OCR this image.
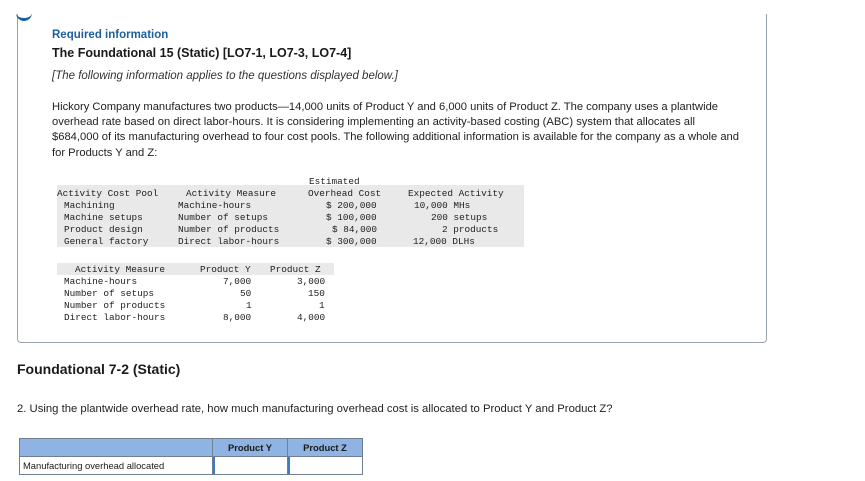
Required information

The Foundational 15 (Static) [LO7-1, LO7-3, LO7-4]

[The following information applies to the questions displayed below.]

Hickory Company manufactures two products—14,000 units of Product Y and 6,000 units of Product Z. The company uses a plantwide overhead rate based on direct labor-hours. It is considering implementing an activity-based costing (ABC) system that allocates all $684,000 of its manufacturing overhead to four cost pools. The following additional information is available for the company as a whole and for Products Y and Z:

Estimated
Activity Cost Pool	Activity Measure	Overhead Cost	Expected Activity
Machining	Machine-hours	$ 200,000	10,000 MHs
Machine setups	Number of setups	$ 100,000	200 setups
Product design	Number of products	$ 84,000	2 products
General factory	Direct labor-hours	$ 300,000	12,000 DLHs
Activity Measure	Product Y Product Z
Machine-hours	7,000	3,000
Number of setups	50	150
Number of products	1	1
Direct labor-hours	8,000	4,000
Foundational 7-2 (Static)

2. Using the plantwide overhead rate, how much manufacturing overhead cost is allocated to Product Y and Product Z?

	Product Y	Product Z
Manufacturing overhead allocated		
